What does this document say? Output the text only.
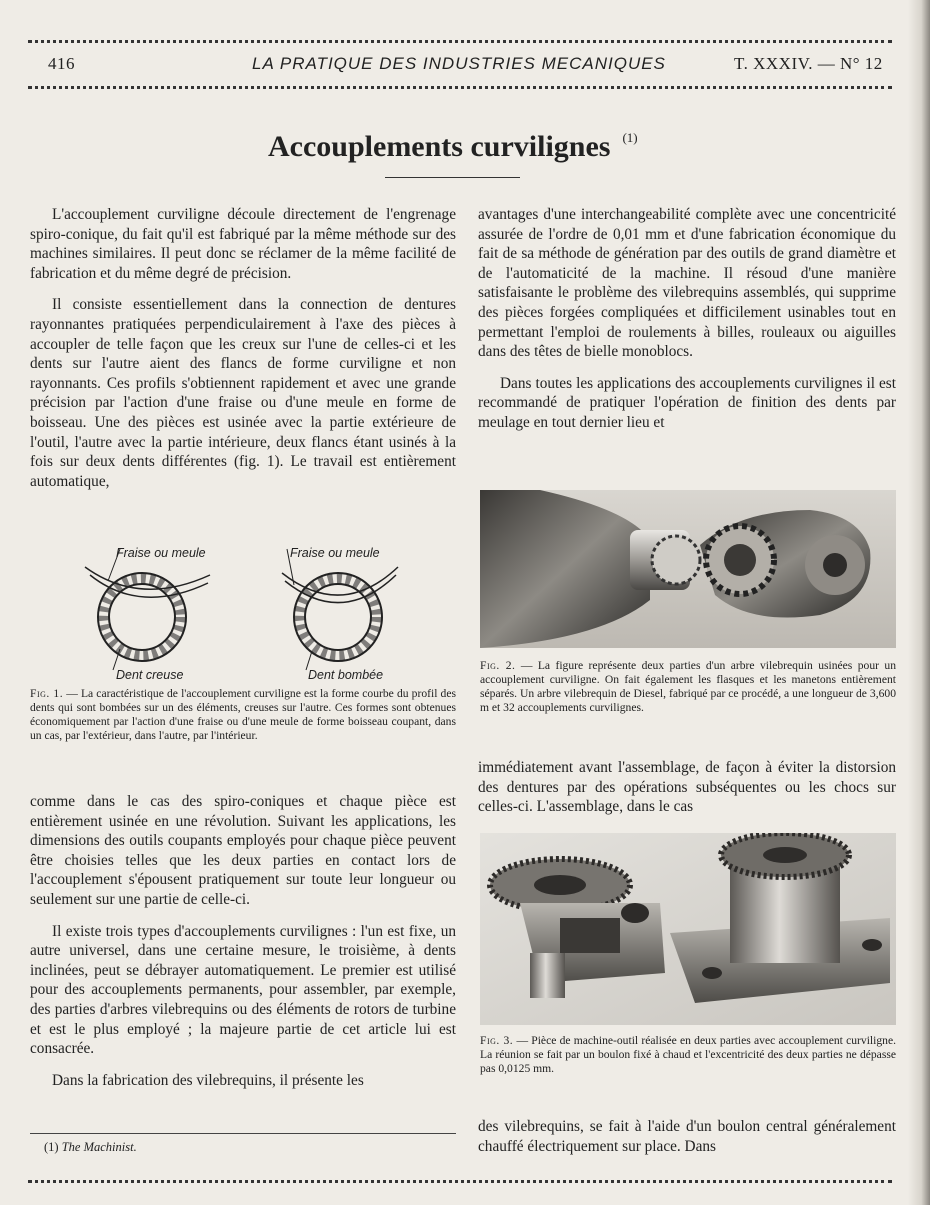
416	LA PRATIQUE DES INDUSTRIES MECANIQUES	T. XXXIV. — N° 12
Accouplements curvilignes $^{(1)}$

L'accouplement curviligne découle directement de l'engrenage spiro-conique, du fait qu'il est fabriqué par la même méthode sur des machines similaires. Il peut donc se réclamer de la même facilité de fabrication et du même degré de précision.

Il consiste essentiellement dans la connection de dentures rayonnantes pratiquées perpendiculairement à l'axe des pièces à accoupler de telle façon que les creux sur l'une de celles-ci et les dents sur l'autre aient des flancs de forme curviligne et non rayonnants. Ces profils s'obtiennent rapidement et avec une grande précision par l'action d'une fraise ou d'une meule en forme de boisseau. Une des pièces est usinée avec la partie extérieure de l'outil, l'autre avec la partie intérieure, deux flancs étant usinés à la fois sur deux dents différentes (fig. 1). Le travail est entièrement automatique,

Fraise ou meule
Dent creuse
Fraise ou meule
Dent bombée
Fig. 1. — La caractéristique de l'accouplement curviligne est la forme courbe du profil des dents qui sont bombées sur un des éléments, creuses sur l'autre. Ces formes sont obtenues économiquement par l'action d'une fraise ou d'une meule de forme boisseau coupant, dans un cas, par l'extérieur, dans l'autre, par l'intérieur.

comme dans le cas des spiro-coniques et chaque pièce est entièrement usinée en une révolution. Suivant les applications, les dimensions des outils coupants employés pour chaque pièce peuvent être choisies telles que les deux parties en contact lors de l'accouplement s'épousent pratiquement sur toute leur longueur ou seulement sur une partie de celle-ci.

Il existe trois types d'accouplements curvilignes : l'un est fixe, un autre universel, dans une certaine mesure, le troisième, à dents inclinées, peut se débrayer automatiquement. Le premier est utilisé pour des accouplements permanents, pour assembler, par exemple, des parties d'arbres vilebrequins ou des éléments de rotors de turbine et est le plus employé ; la majeure partie de cet article lui est consacrée.

Dans la fabrication des vilebrequins, il présente les

avantages d'une interchangeabilité complète avec une concentricité assurée de l'ordre de 0,01 mm et d'une fabrication économique du fait de sa méthode de génération par des outils de grand diamètre et de l'automaticité de la machine. Il résoud d'une manière satisfaisante le problème des vilebrequins assemblés, qui supprime des pièces forgées compliquées et difficilement usinables tout en permettant l'emploi de roulements à billes, rouleaux ou aiguilles dans des têtes de bielle monoblocs.

Dans toutes les applications des accouplements curvilignes il est recommandé de pratiquer l'opération de finition des dents par meulage en tout dernier lieu et

Fig. 2. — La figure représente deux parties d'un arbre vilebrequin usinées pour un accouplement curviligne. On fait également les flasques et les manetons entièrement séparés. Un arbre vilebrequin de Diesel, fabriqué par ce procédé, a une longueur de 3,600 m et 32 accouplements curvilignes.

immédiatement avant l'assemblage, de façon à éviter la distorsion des dentures par des opérations subséquentes ou les chocs sur celles-ci. L'assemblage, dans le cas

Fig. 3. — Pièce de machine-outil réalisée en deux parties avec accouplement curviligne. La réunion se fait par un boulon fixé à chaud et l'excentricité des deux parties ne dépasse pas 0,0125 mm.

des vilebrequins, se fait à l'aide d'un boulon central généralement chauffé électriquement sur place. Dans

(1) The Machinist.
